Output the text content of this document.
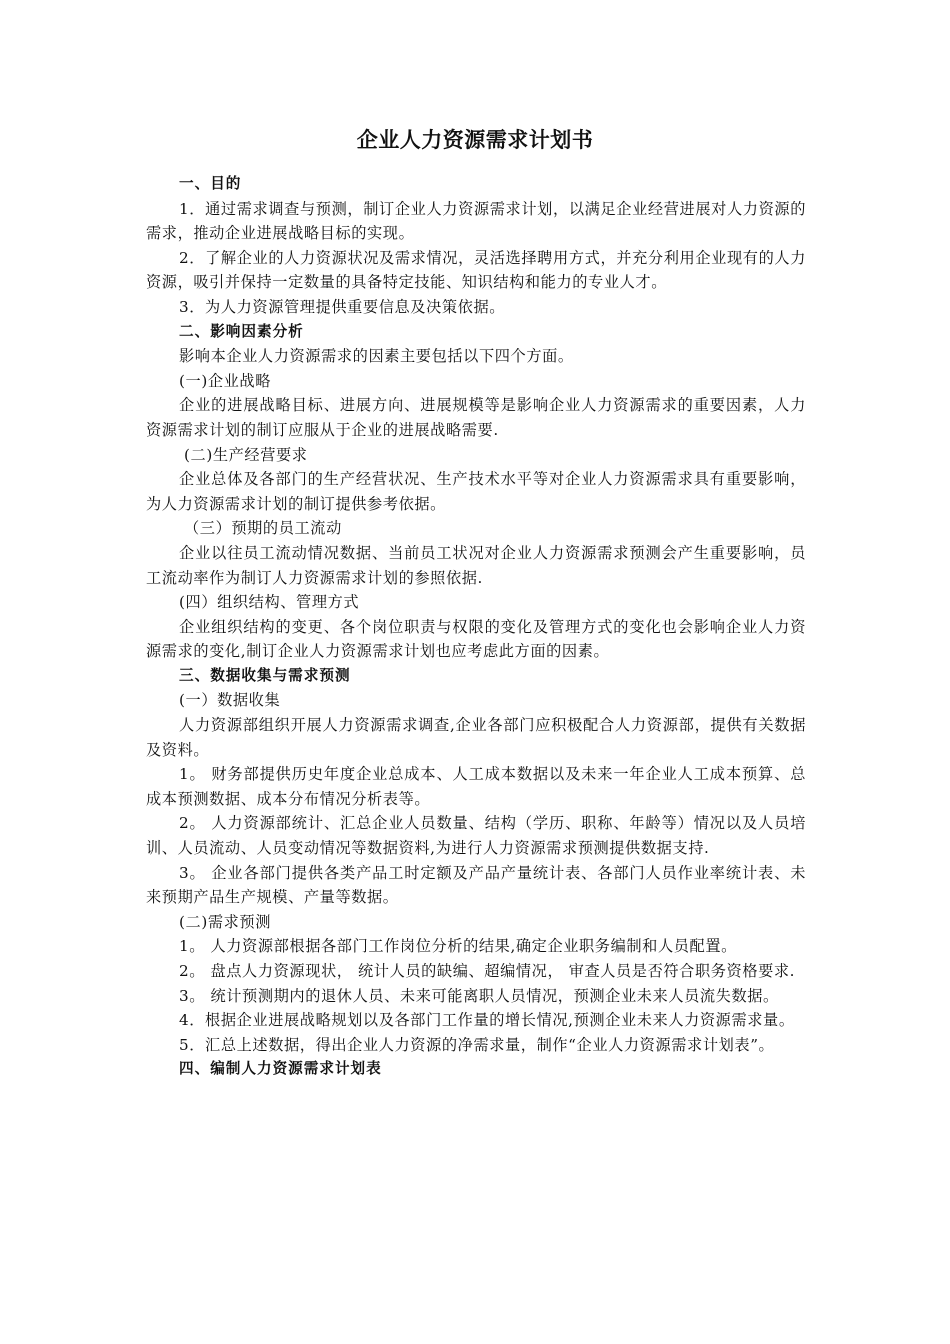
企业人力资源需求计划书

一、目的

1．通过需求调查与预测，制订企业人力资源需求计划，以满足企业经营进展对人力资源的需求，推动企业进展战略目标的实现。

2．了解企业的人力资源状况及需求情况，灵活选择聘用方式，并充分利用企业现有的人力资源，吸引并保持一定数量的具备特定技能、知识结构和能力的专业人才。

3．为人力资源管理提供重要信息及决策依据。

二、影响因素分析

影响本企业人力资源需求的因素主要包括以下四个方面。

(一)企业战略

企业的进展战略目标、进展方向、进展规模等是影响企业人力资源需求的重要因素，人力资源需求计划的制订应服从于企业的进展战略需要.

(二)生产经营要求

企业总体及各部门的生产经营状况、生产技术水平等对企业人力资源需求具有重要影响，为人力资源需求计划的制订提供参考依据。

（三）预期的员工流动

企业以往员工流动情况数据、当前员工状况对企业人力资源需求预测会产生重要影响，员工流动率作为制订人力资源需求计划的参照依据.

(四）组织结构、管理方式

企业组织结构的变更、各个岗位职责与权限的变化及管理方式的变化也会影响企业人力资源需求的变化,制订企业人力资源需求计划也应考虑此方面的因素。

三、数据收集与需求预测

(一）数据收集

人力资源部组织开展人力资源需求调查,企业各部门应积极配合人力资源部，提供有关数据及资料。

1。 财务部提供历史年度企业总成本、人工成本数据以及未来一年企业人工成本预算、总成本预测数据、成本分布情况分析表等。

2。 人力资源部统计、汇总企业人员数量、结构（学历、职称、年龄等）情况以及人员培训、人员流动、人员变动情况等数据资料,为进行人力资源需求预测提供数据支持.

3。 企业各部门提供各类产品工时定额及产品产量统计表、各部门人员作业率统计表、未来预期产品生产规模、产量等数据。

(二)需求预测

1。 人力资源部根据各部门工作岗位分析的结果,确定企业职务编制和人员配置。

2。 盘点人力资源现状， 统计人员的缺编、超编情况， 审查人员是否符合职务资格要求.

3。 统计预测期内的退休人员、未来可能离职人员情况，预测企业未来人员流失数据。

4．根据企业进展战略规划以及各部门工作量的增长情况,预测企业未来人力资源需求量。

5．汇总上述数据，得出企业人力资源的净需求量，制作“企业人力资源需求计划表”。

四、编制人力资源需求计划表
